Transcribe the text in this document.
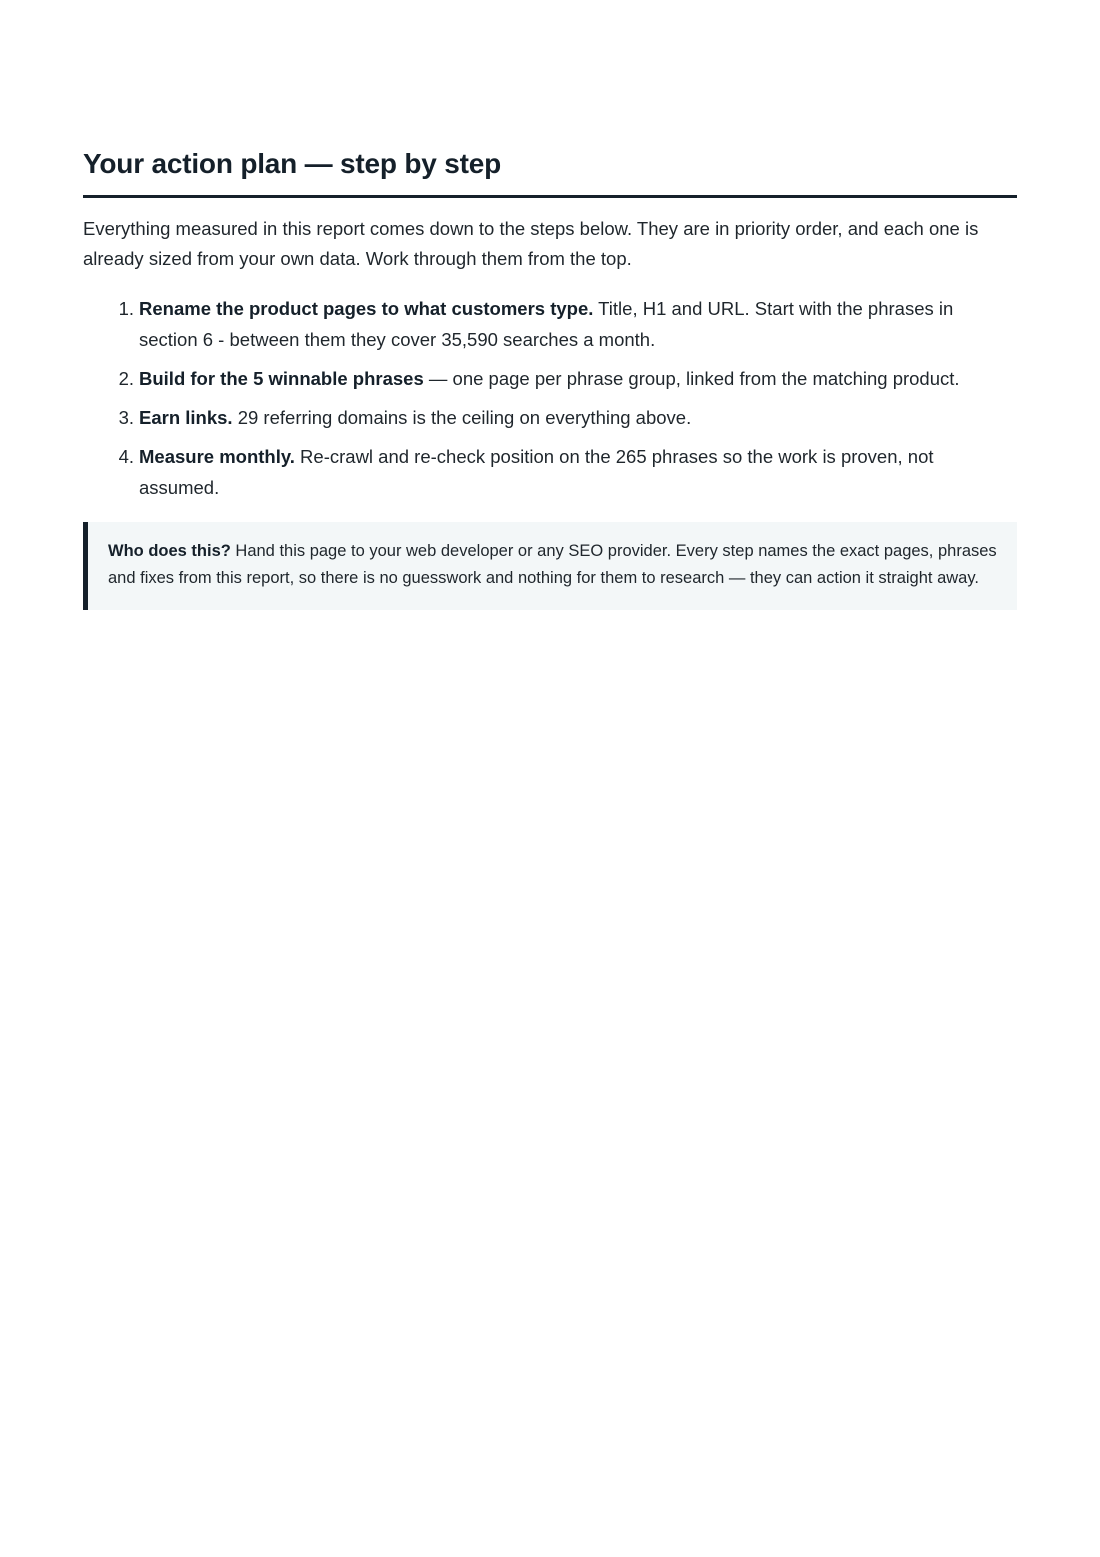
Your action plan — step by step

Everything measured in this report comes down to the steps below. They are in priority order, and each one is already sized from your own data. Work through them from the top.

1. Rename the product pages to what customers type. Title, H1 and URL. Start with the phrases in section 6 - between them they cover 35,590 searches a month.
2. Build for the 5 winnable phrases — one page per phrase group, linked from the matching product.
3. Earn links. 29 referring domains is the ceiling on everything above.
4. Measure monthly. Re-crawl and re-check position on the 265 phrases so the work is proven, not assumed.
Who does this? Hand this page to your web developer or any SEO provider. Every step names the exact pages, phrases and fixes from this report, so there is no guesswork and nothing for them to research — they can action it straight away.
